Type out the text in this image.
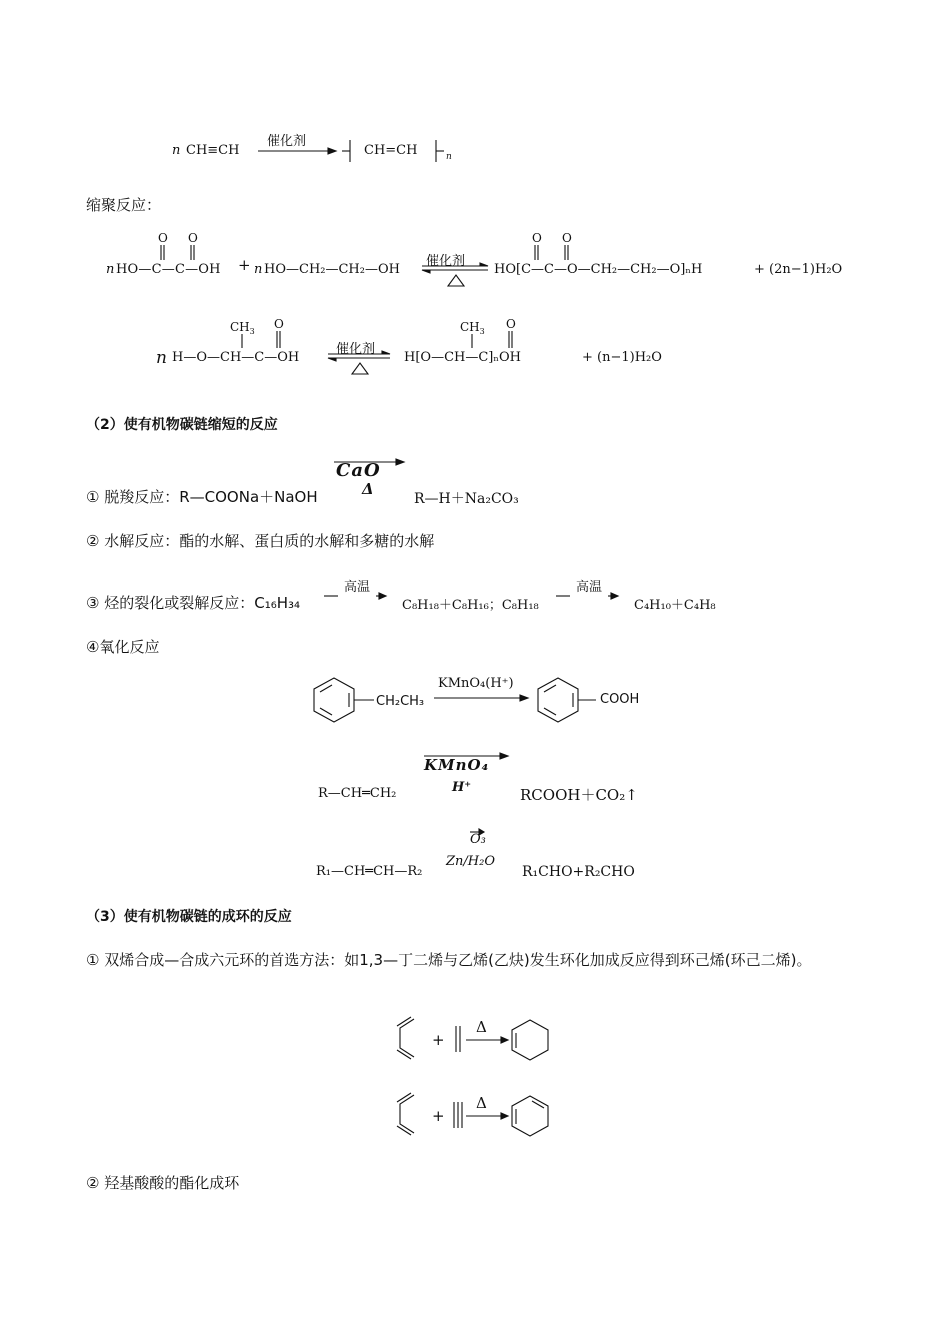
n CH≡CH
催化剂
CH=CH	n
缩聚反应：
n HO—C—C—OH
O O
+ n HO—CH₂—CH₂—OH
催化剂
HO[C—C—O—CH₂—CH₂—O]ₙH
O O
+ (2n−1)H₂O
n H—O—CH—C—OH
$CH_3$
O
催化剂
H[O—CH—C]ₙOH
$CH_3$
O
+ (n−1)H₂O
（2）使有机物碳链缩短的反应
① 脱羧反应：R—COONa＋NaOH
CaO
Δ
R—H＋Na₂CO₃
② 水解反应：酯的水解、蛋白质的水解和多糖的水解
③ 烃的裂化或裂解反应：C₁₆H₃₄
高温
C₈H₁₈＋C₈H₁₆；C₈H₁₈
高温
C₄H₁₀＋C₄H₈
④氧化反应
CH₂CH₃
KMnO₄(H⁺)
COOH
KMnO₄
H⁺
R—CH═CH₂	RCOOH＋CO₂↑
O₃
Zn/H₂O
R₁—CH═CH—R₂	R₁CHO+R₂CHO
（3）使有机物碳链的成环的反应
① 双烯合成—合成六元环的首选方法：如1,3—丁二烯与乙烯(乙炔)发生环化加成反应得到环己烯(环己二烯)。
+
Δ
+
Δ
② 羟基酸酸的酯化成环
